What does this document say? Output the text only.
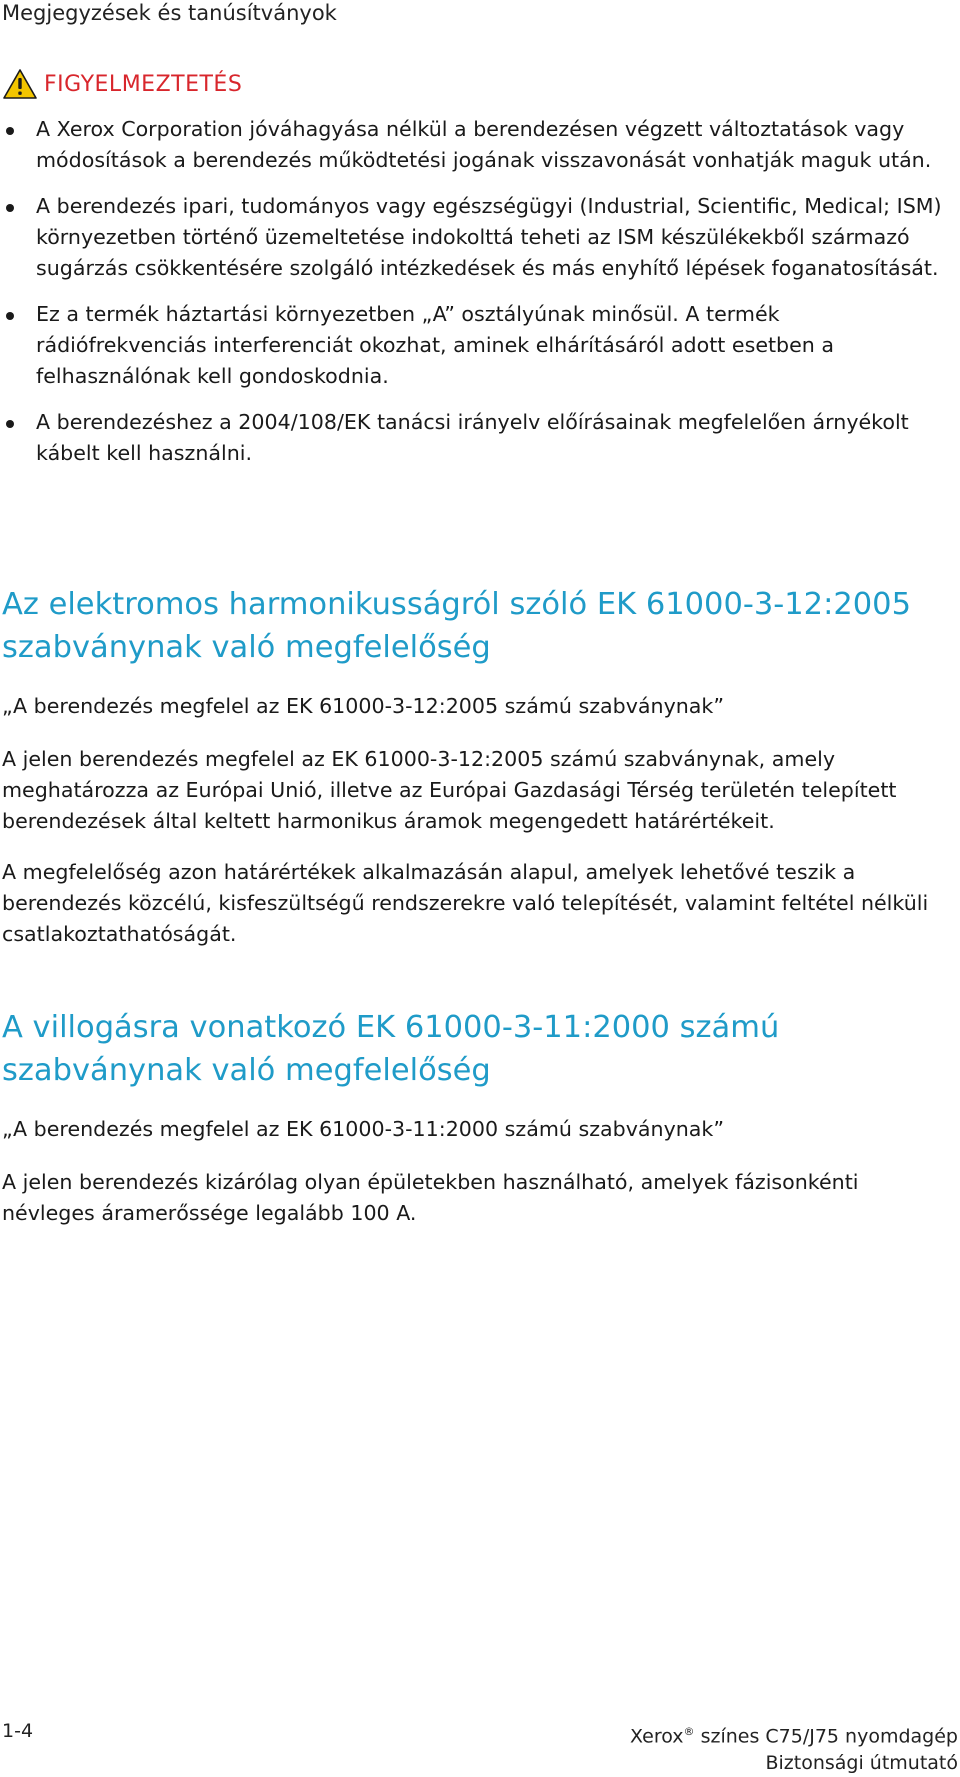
Megjegyzések és tanúsítványok
FIGYELMEZTETÉS
A Xerox Corporation jóváhagyása nélkül a berendezésen végzett változtatások vagy módosítások a berendezés működtetési jogának visszavonását vonhatják maguk után.
A berendezés ipari, tudományos vagy egészségügyi (Industrial, Scientific, Medical; ISM) környezetben történő üzemeltetése indokolttá teheti az ISM készülékekből származó sugárzás csökkentésére szolgáló intézkedések és más enyhítő lépések foganatosítását.
Ez a termék háztartási környezetben „A” osztályúnak minősül. A termék rádiófrekvenciás interferenciát okozhat, aminek elhárításáról adott esetben a felhasználónak kell gondoskodnia.
A berendezéshez a 2004/108/EK tanácsi irányelv előírásainak megfelelően árnyékolt kábelt kell használni.
Az elektromos harmonikusságról szóló EK 61000-3-12:2005 szabványnak való megfelelőség

„A berendezés megfelel az EK 61000-3-12:2005 számú szabványnak”

A jelen berendezés megfelel az EK 61000-3-12:2005 számú szabványnak, amely meghatározza az Európai Unió, illetve az Európai Gazdasági Térség területén telepített berendezések által keltett harmonikus áramok megengedett határértékeit.

A megfelelőség azon határértékek alkalmazásán alapul, amelyek lehetővé teszik a berendezés közcélú, kisfeszültségű rendszerekre való telepítését, valamint feltétel nélküli csatlakoztathatóságát.

A villogásra vonatkozó EK 61000-3-11:2000 számú szabványnak való megfelelőség

„A berendezés megfelel az EK 61000-3-11:2000 számú szabványnak”

A jelen berendezés kizárólag olyan épületekben használható, amelyek fázisonkénti névleges áramerőssége legalább 100 A.

1-4	Xerox® színes C75/J75 nyomdagép
Biztonsági útmutató
